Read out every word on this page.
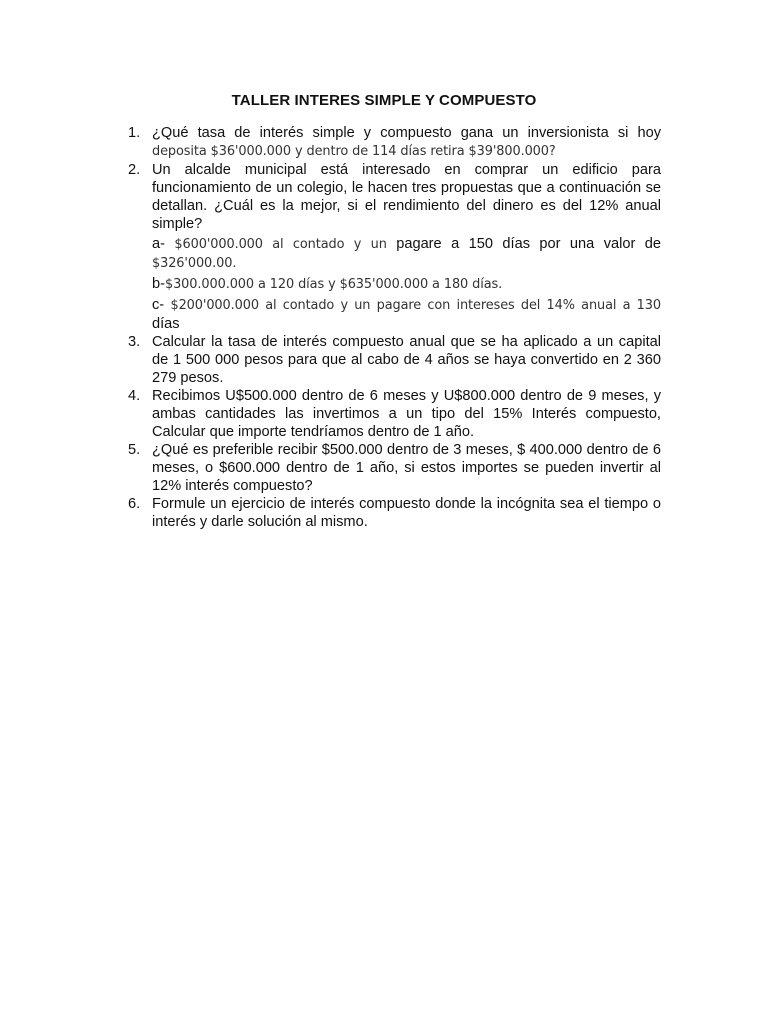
TALLER INTERES SIMPLE Y COMPUESTO
1. ¿Qué tasa de interés simple y compuesto gana un inversionista si hoy deposita $36'000.000 y dentro de 114 días retira $39'800.000?
2. Un alcalde municipal está interesado en comprar un edificio para funcionamiento de un colegio, le hacen tres propuestas que a continuación se detallan. ¿Cuál es la mejor, si el rendimiento del dinero es del 12% anual simple?
a- $600'000.000 al contado y un pagare a 150 días por una valor de $326'000.00.
b-$300.000.000 a 120 días y $635'000.000 a 180 días.
c- $200'000.000 al contado y un pagare con intereses del 14% anual a 130 días
3. Calcular la tasa de interés compuesto anual que se ha aplicado a un capital de 1 500 000 pesos para que al cabo de 4 años se haya convertido en 2 360 279 pesos.
4. Recibimos U$500.000 dentro de 6 meses y U$800.000 dentro de 9 meses, y ambas cantidades las invertimos a un tipo del 15% Interés compuesto, Calcular que importe tendríamos dentro de 1 año.
5. ¿Qué es preferible recibir $500.000 dentro de 3 meses, $ 400.000 dentro de 6 meses, o $600.000 dentro de 1 año, si estos importes se pueden invertir al 12% interés compuesto?
6. Formule un ejercicio de interés compuesto donde la incógnita sea el tiempo o interés y darle solución al mismo.
